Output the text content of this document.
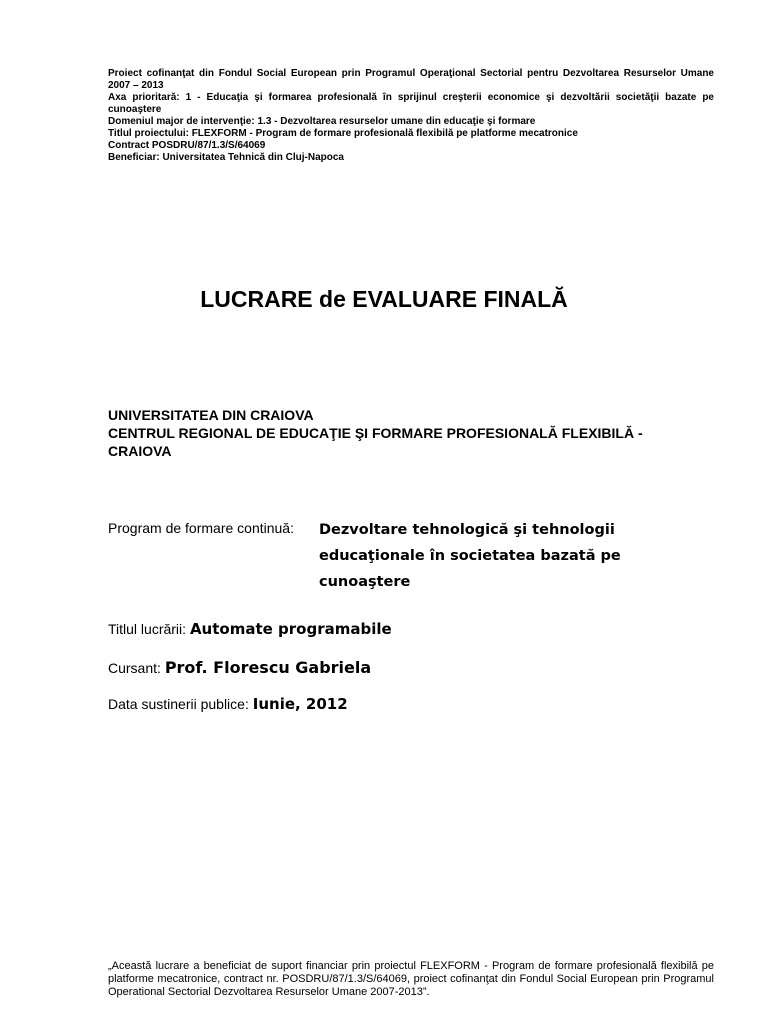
Proiect cofinanţat din Fondul Social European prin Programul Operaţional Sectorial pentru Dezvoltarea Resurselor Umane 2007 – 2013

Axa prioritară: 1 - Educaţia şi formarea profesională în sprijinul creşterii economice şi dezvoltării societăţii bazate pe cunoaştere

Domeniul major de intervenţie: 1.3 - Dezvoltarea resurselor umane din educaţie şi formare

Titlul proiectului: FLEXFORM - Program de formare profesională flexibilă pe platforme mecatronice

Contract POSDRU/87/1.3/S/64069

Beneficiar: Universitatea Tehnică din Cluj-Napoca

LUCRARE de EVALUARE FINALĂ
UNIVERSITATEA DIN CRAIOVA
CENTRUL REGIONAL DE EDUCAŢIE ŞI FORMARE PROFESIONALĂ FLEXIBILĂ -
CRAIOVA
Program de formare continuă: Dezvoltare tehnologică şi tehnologii
educaţionale în societatea bazată pe
cunoaştere
Titlul lucrării: Automate programabile
Cursant: Prof. Florescu Gabriela
Data sustinerii publice: Iunie, 2012
„Această lucrare a beneficiat de suport financiar prin proiectul FLEXFORM - Program de formare profesională flexibilă pe platforme mecatronice, contract nr. POSDRU/87/1.3/S/64069, proiect cofinanţat din Fondul Social European prin Programul Operational Sectorial Dezvoltarea Resurselor Umane 2007-2013”.
